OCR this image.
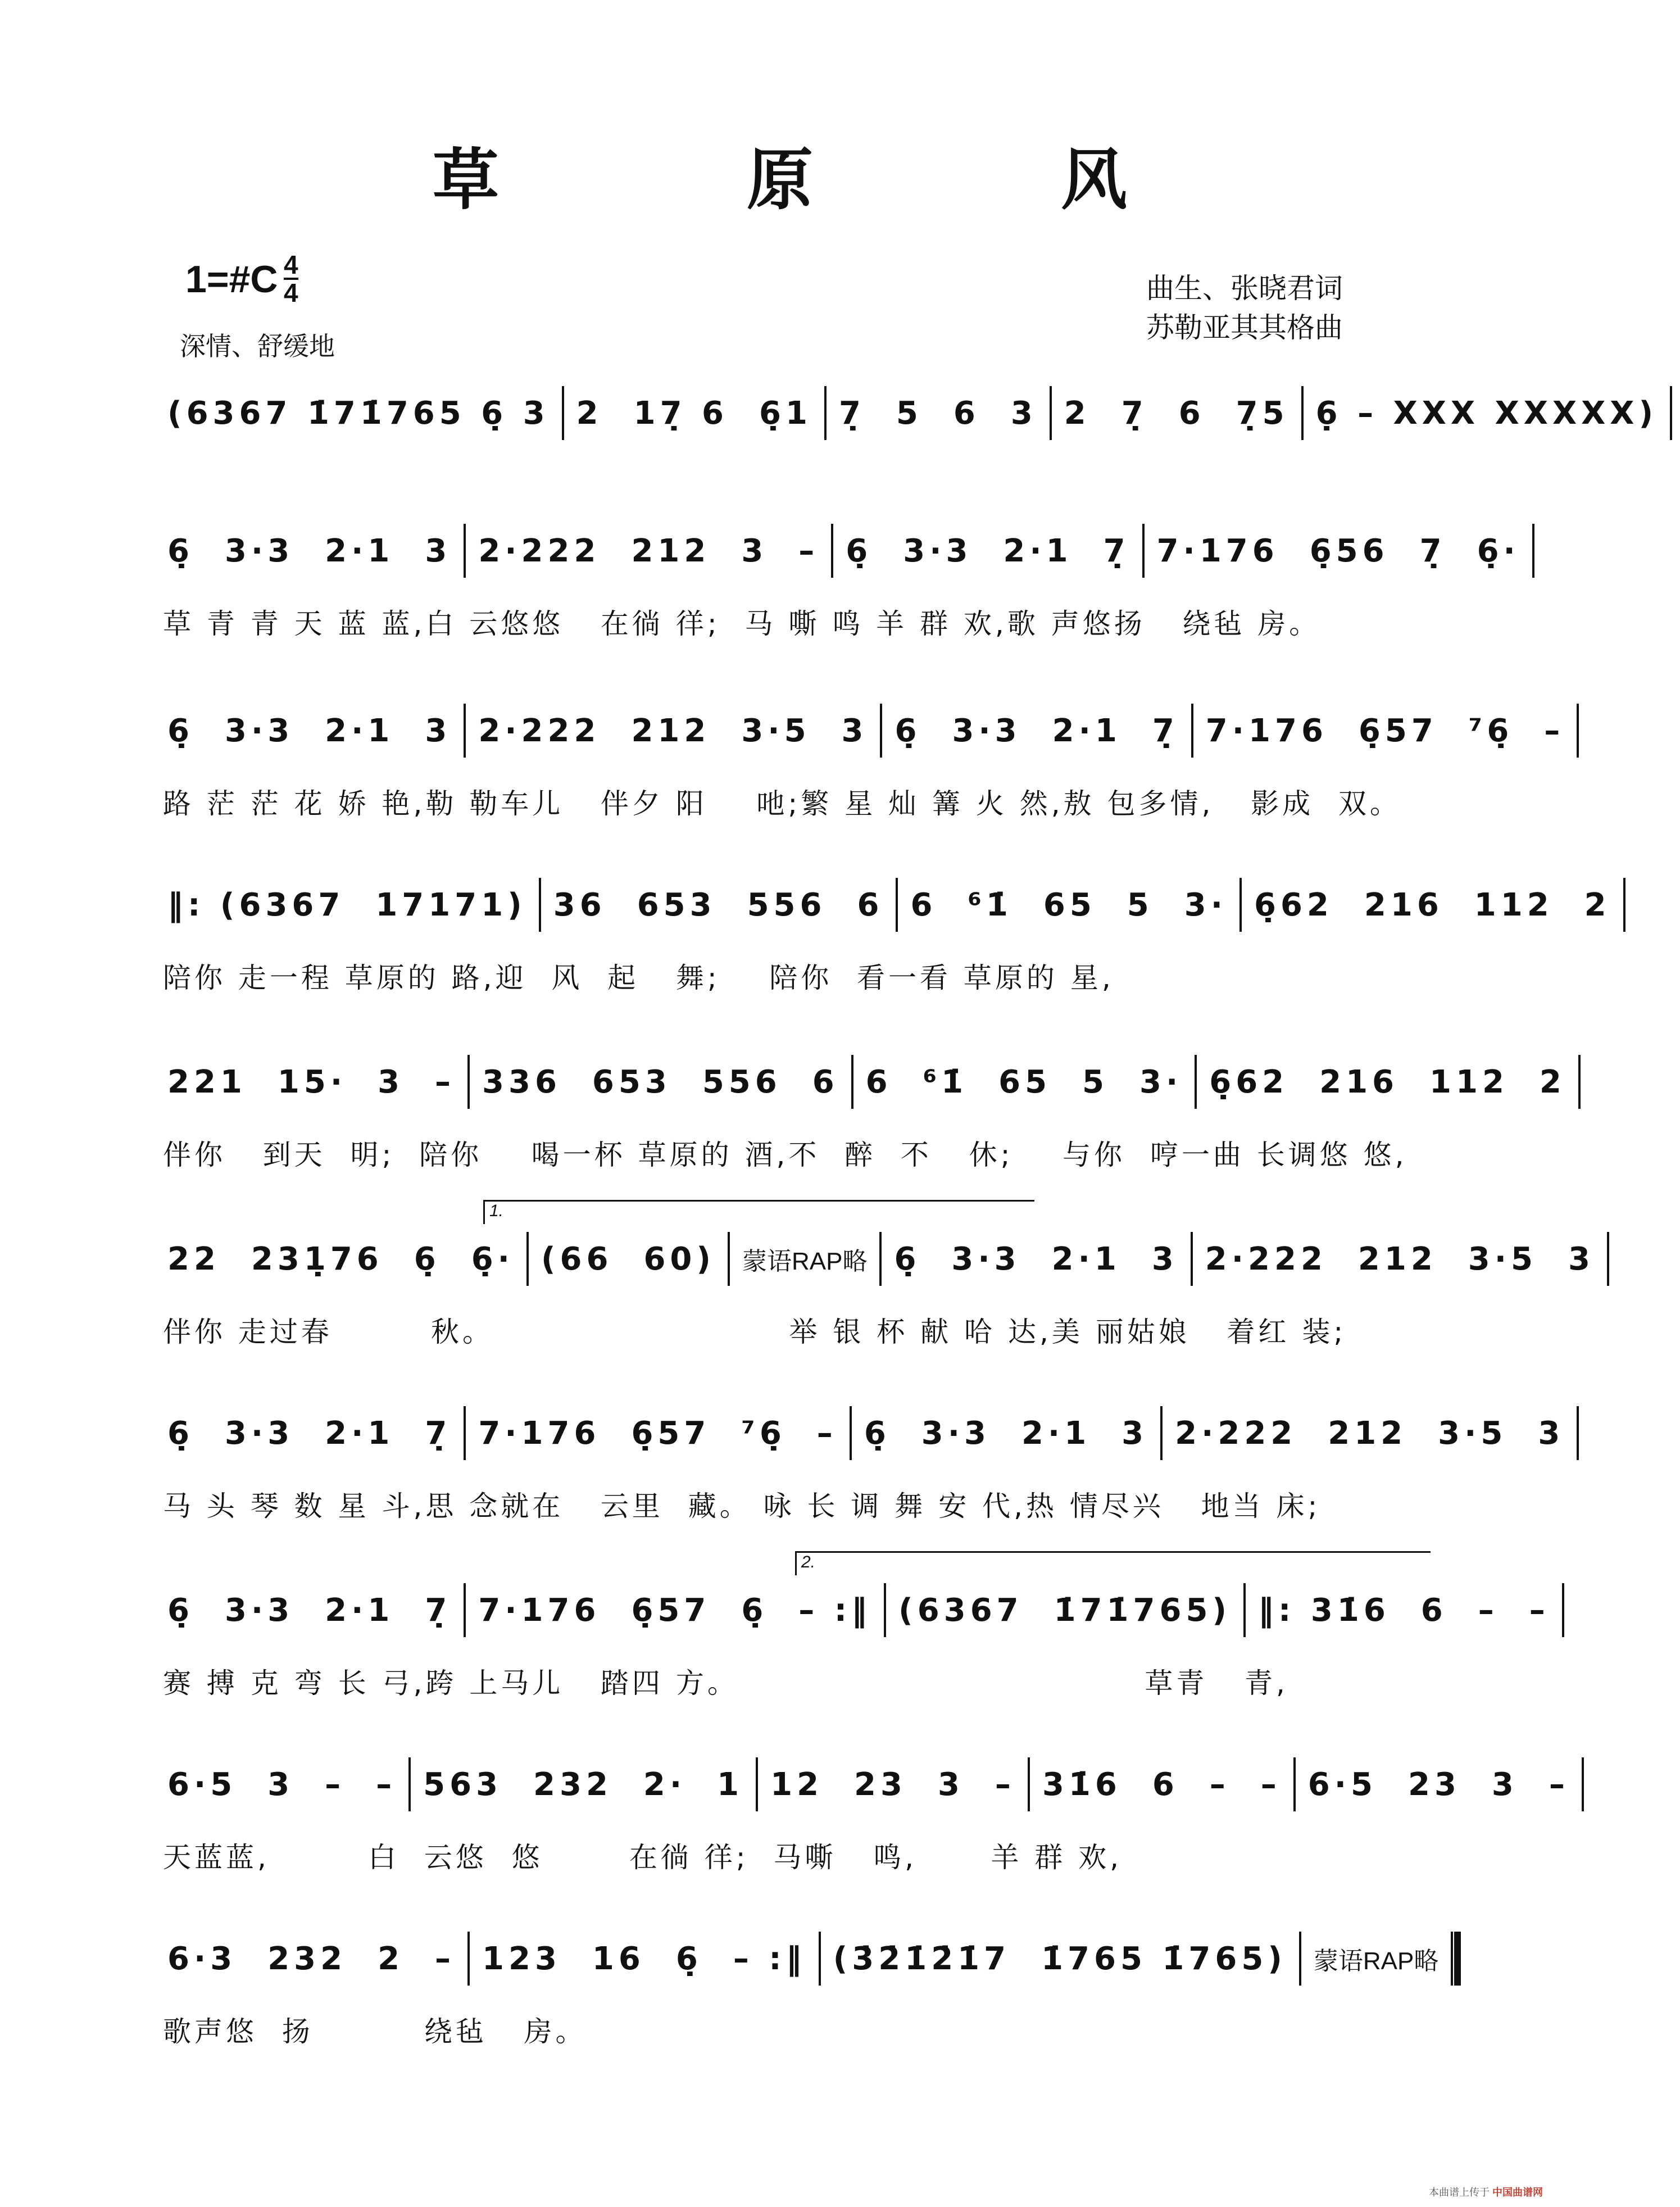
草 原 风
1=#C 4
4
深情、舒缓地
曲生、张晓君词
苏勒亚其其格曲
(6367 1̇71̇765 6̣ 3 2  17̣ 6  6̣1 7̣  5  6  3 2  7̣  6  7̣5 6̣ – XXX XXXXX)
6̣  3·3  2·1  3 2·222  212  3  – 6̣  3·3  2·1  7̣ 7·176  6̣56  7̣  6̣·
草 青 青 天 蓝 蓝,白 云悠悠   在徜 徉;  马 嘶 鸣 羊 群 欢,歌 声悠扬   绕毡 房。
6̣  3·3  2·1  3 2·222  212  3·5  3 6̣  3·3  2·1  7̣ 7·176  6̣57  ⁷6̣  –
路 茫 茫 花 娇 艳,勒 勒车儿   伴夕 阳    吔;繁 星 灿 篝 火 然,敖 包多情,   影成  双。
‖: (6367  17171) 36  653  556  6 6  ⁶1̇  65  5  3· 6̣62  216  112  2
陪你 走一程 草原的 路,迎  风  起   舞;    陪你  看一看 草原的 星,
221  15·  3  – 336  653  556  6 6  ⁶1̇  65  5  3· 6̣62  216  112  2
伴你   到天  明;  陪你    喝一杯 草原的 酒,不  醉  不   休;    与你  哼一曲 长调悠 悠,
1.
22  231̣76  6̣  6̣· (66  60) 蒙语RAP略 6̣  3·3  2·1  3 2·222  212  3·5  3
伴你 走过春        秋。                        举 银 杯 献 哈 达,美 丽姑娘   着红 装;
6̣  3·3  2·1  7̣ 7·176  6̣57  ⁷6̣  – 6̣  3·3  2·1  3 2·222  212  3·5  3
马 头 琴 数 星 斗,思 念就在   云里  藏。 咏 长 调 舞 安 代,热 情尽兴   地当 床;
2.
6̣  3·3  2·1  7̣ 7·176  6̣57  6̣  – :‖ (6367  1̇71̇765) ‖: 31̇6  6  –  –
赛 搏 克 弯 长 弓,跨 上马儿   踏四 方。                                 草青   青,
6·5  3  –  – 563  232  2·  1 12  23  3  – 31̇6  6  –  – 6·5  23  3  –
天蓝蓝,        白  云悠  悠       在徜 徉;  马嘶   鸣,      羊 群 欢,
6·3  232  2  – 123  16  6̣  – :‖ (3̇2̇1̇2̇1̇7  1̇765 1̇765) 蒙语RAP略
歌声悠  扬         绕毡   房。
本曲谱上传于 中国曲谱网
